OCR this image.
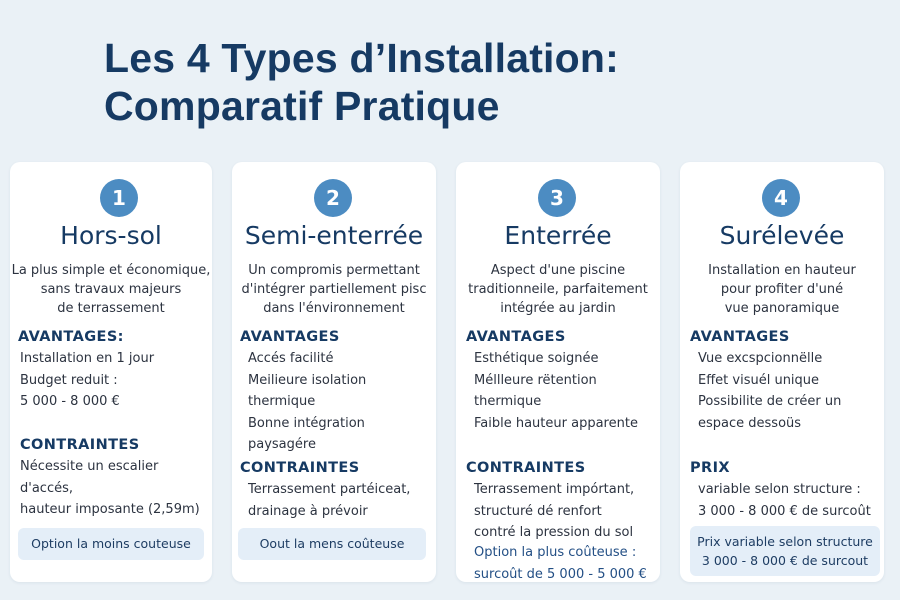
Les 4 Types d’Installation:
Comparatif Pratique
1
Hors-sol
La plus simple et économique,
sans travaux majeurs
de terrassement
AVANTAGES:
Installation en 1 jour
Budget reduit :
5 000 - 8 000 €
CONTRAINTES
Nécessite un escalier
d'accés,
hauteur imposante (2,59m)
Option la moins couteuse
2
Semi-enterrée
Un compromis permettant
d'intégrer partiellement pisc
dans l'énvironnement
AVANTAGES
Accés facilité
Meilieure isolation
thermique
Bonne intégration
paysagére
CONTRAINTES
Terrassement partéiceat,
drainage à prévoir
Oout la mens coûteuse
3
Enterrée
Aspect d'une piscine
traditionneile, parfaitement
intégrée au jardin
AVANTAGES
Esthétique soignée
Méllleure rëtention
thermique
Faible hauteur apparente
CONTRAINTES
Terrassement impórtant,
structuré dé renfort
contré la pression du sol
Option la plus coûteuse :
surcoût de 5 000 - 5 000 €
4
Surélevée
Installation en hauteur
pour profiter d'uné
vue panoramique
AVANTAGES
Vue excspcionnëlle
Effet visuél unique
Possibilite de créer un
espace dessoüs
PRIX
variable selon structure :
3 000 - 8 000 € de surcoût
Prix variable selon structure
3 000 - 8 000 € de surcout
